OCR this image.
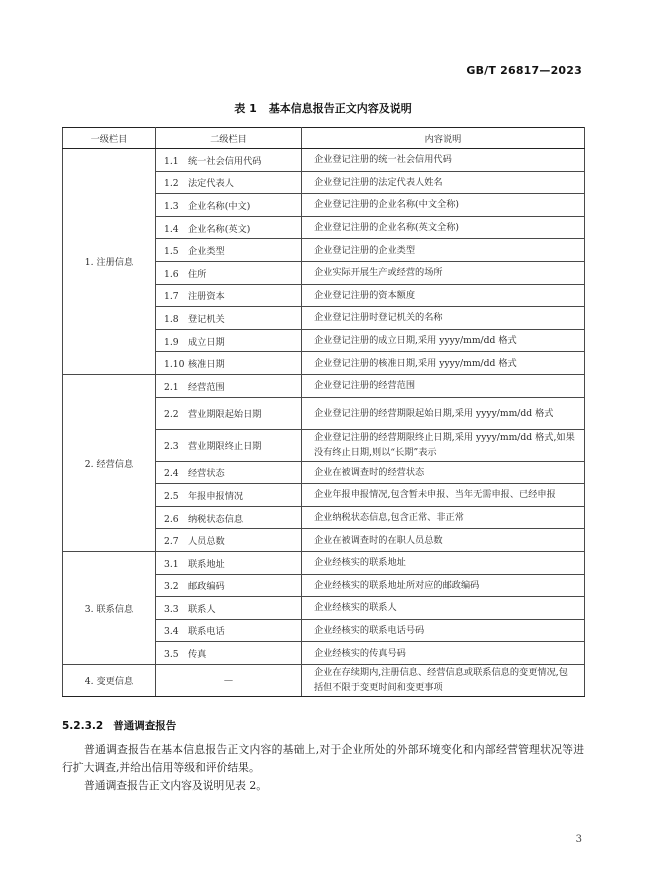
GB/T 26817—2023
表 1 基本信息报告正文内容及说明
一级栏目	二级栏目	内容说明
1. 注册信息	1.1 统一社会信用代码	企业登记注册的统一社会信用代码
	1.2 法定代表人	企业登记注册的法定代表人姓名
	1.3 企业名称(中文)	企业登记注册的企业名称(中文全称)
	1.4 企业名称(英文)	企业登记注册的企业名称(英文全称)
	1.5 企业类型	企业登记注册的企业类型
	1.6 住所	企业实际开展生产或经营的场所
	1.7 注册资本	企业登记注册的资本额度
	1.8 登记机关	企业登记注册时登记机关的名称
	1.9 成立日期	企业登记注册的成立日期,采用 yyyy/mm/dd 格式
	1.10 核准日期	企业登记注册的核准日期,采用 yyyy/mm/dd 格式
2. 经营信息	2.1 经营范围	企业登记注册的经营范围
	2.2 营业期限起始日期	企业登记注册的经营期限起始日期,采用 yyyy/mm/dd 格式
	2.3 营业期限终止日期	企业登记注册的经营期限终止日期,采用 yyyy/mm/dd 格式,如果没有终止日期,则以“长期”表示
	2.4 经营状态	企业在被调查时的经营状态
	2.5 年报申报情况	企业年报申报情况,包含暂未申报、当年无需申报、已经申报
	2.6 纳税状态信息	企业纳税状态信息,包含正常、非正常
	2.7 人员总数	企业在被调查时的在职人员总数
3. 联系信息	3.1 联系地址	企业经核实的联系地址
	3.2 邮政编码	企业经核实的联系地址所对应的邮政编码
	3.3 联系人	企业经核实的联系人
	3.4 联系电话	企业经核实的联系电话号码
	3.5 传真	企业经核实的传真号码
4. 变更信息	—	企业在存续期内,注册信息、经营信息或联系信息的变更情况,包括但不限于变更时间和变更事项
5.2.3.2 普通调查报告
普通调查报告在基本信息报告正文内容的基础上,对于企业所处的外部环境变化和内部经营管理状况等进行扩大调查,并给出信用等级和评价结果。
普通调查报告正文内容及说明见表 2。
3
